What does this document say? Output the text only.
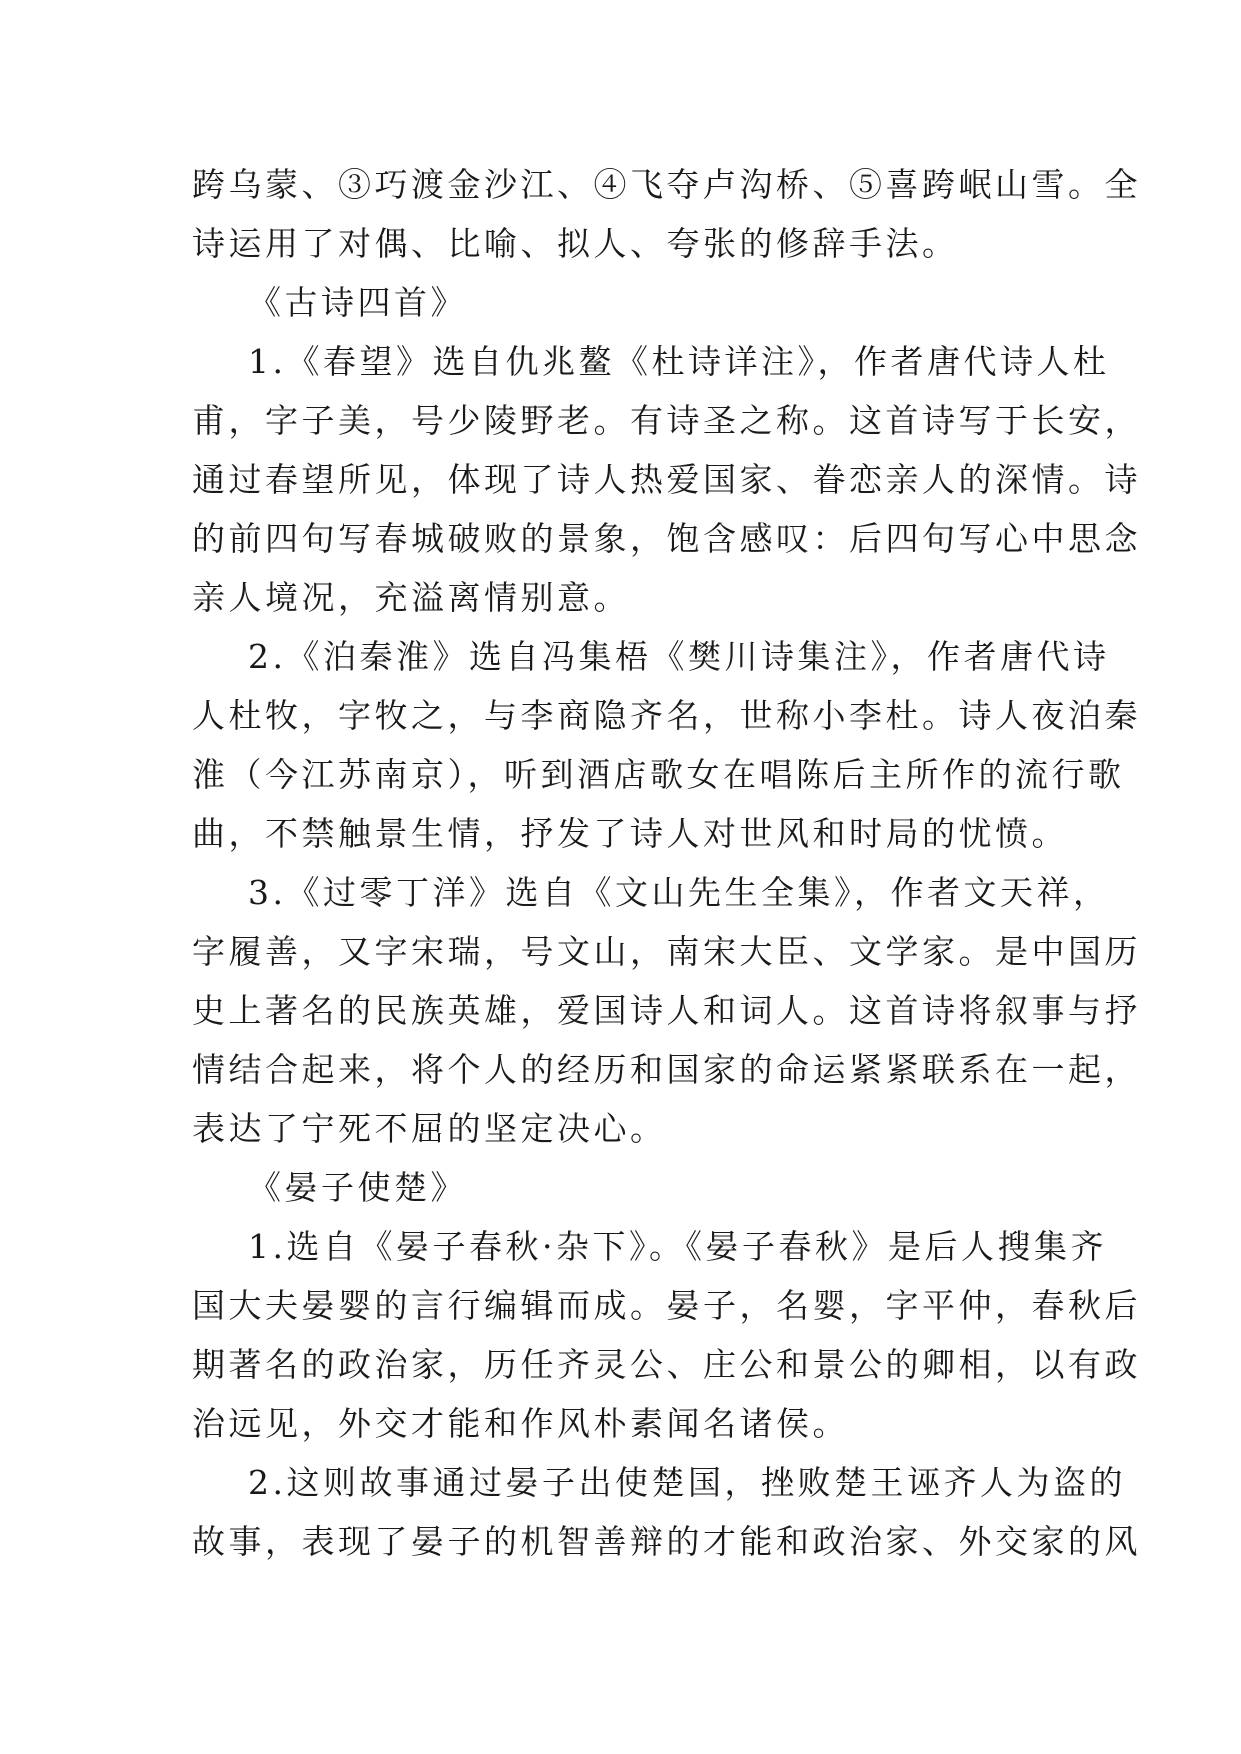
跨乌蒙、③巧渡金沙江、④飞夺卢沟桥、⑤喜跨岷山雪。全
诗运用了对偶、比喻、拟人、夸张的修辞手法。
《古诗四首》
1.《春望》选自仇兆鳌《杜诗详注》，作者唐代诗人杜
甫，字子美，号少陵野老。有诗圣之称。这首诗写于长安，
通过春望所见，体现了诗人热爱国家、眷恋亲人的深情。诗
的前四句写春城破败的景象，饱含感叹：后四句写心中思念
亲人境况，充溢离情别意。
2.《泊秦淮》选自冯集梧《樊川诗集注》，作者唐代诗
人杜牧，字牧之，与李商隐齐名，世称小李杜。诗人夜泊秦
淮（今江苏南京），听到酒店歌女在唱陈后主所作的流行歌
曲，不禁触景生情，抒发了诗人对世风和时局的忧愤。
3.《过零丁洋》选自《文山先生全集》，作者文天祥，
字履善，又字宋瑞，号文山，南宋大臣、文学家。是中国历
史上著名的民族英雄，爱国诗人和词人。这首诗将叙事与抒
情结合起来，将个人的经历和国家的命运紧紧联系在一起，
表达了宁死不屈的坚定决心。
《晏子使楚》
1.选自《晏子春秋·杂下》。《晏子春秋》是后人搜集齐
国大夫晏婴的言行编辑而成。晏子，名婴，字平仲，春秋后
期著名的政治家，历任齐灵公、庄公和景公的卿相，以有政
治远见，外交才能和作风朴素闻名诸侯。
2.这则故事通过晏子出使楚国，挫败楚王诬齐人为盗的
故事，表现了晏子的机智善辩的才能和政治家、外交家的风
